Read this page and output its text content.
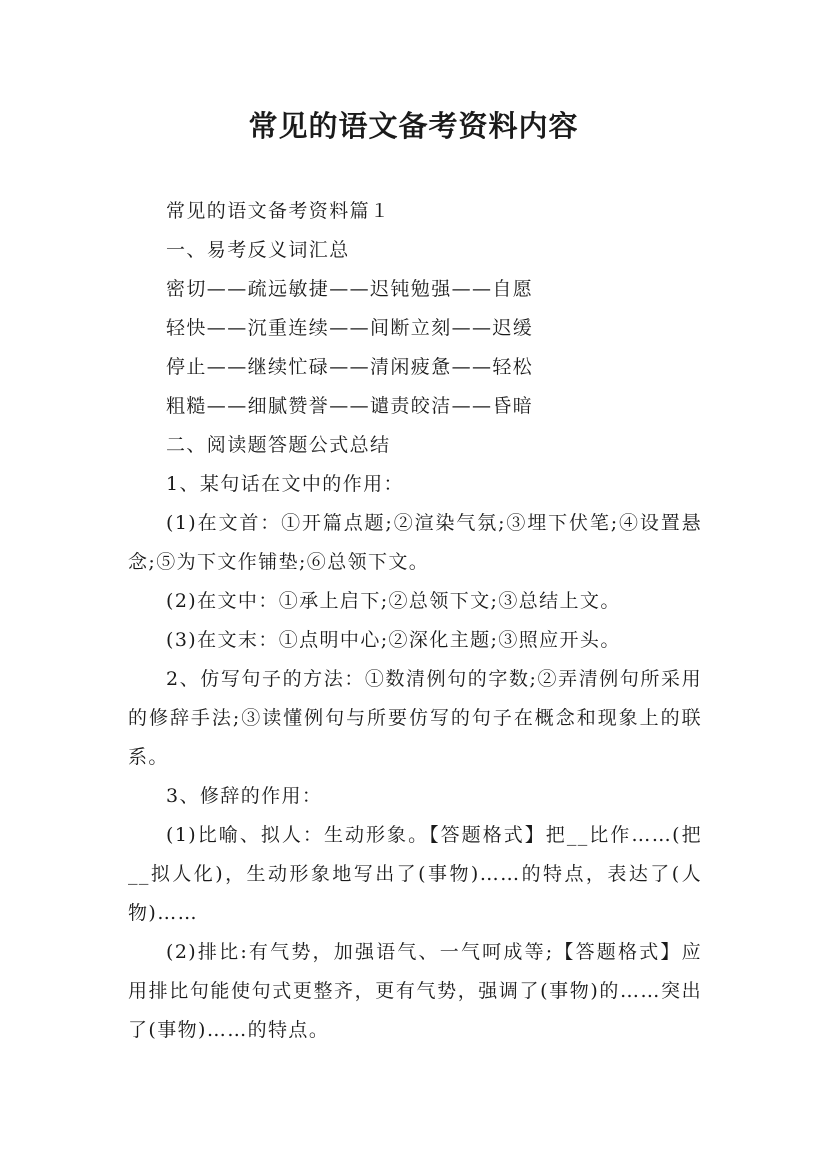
常见的语文备考资料内容

常见的语文备考资料篇１

一、易考反义词汇总

密切——疏远敏捷——迟钝勉强——自愿

轻快——沉重连续——间断立刻——迟缓

停止——继续忙碌——清闲疲惫——轻松

粗糙——细腻赞誉——谴责皎洁——昏暗

二、阅读题答题公式总结

1、某句话在文中的作用：

(1)在文首：①开篇点题;②渲染气氛;③埋下伏笔;④设置悬念;⑤为下文作铺垫;⑥总领下文。

(2)在文中：①承上启下;②总领下文;③总结上文。

(3)在文末：①点明中心;②深化主题;③照应开头。

2、仿写句子的方法：①数清例句的字数;②弄清例句所采用的修辞手法;③读懂例句与所要仿写的句子在概念和现象上的联系。

3、修辞的作用：

(1)比喻、拟人：生动形象。【答题格式】把__比作……(把__拟人化)，生动形象地写出了(事物)……的特点，表达了(人物)……

(2)排比:有气势，加强语气、一气呵成等;【答题格式】应用排比句能使句式更整齐，更有气势，强调了(事物)的……突出了(事物)……的特点。
